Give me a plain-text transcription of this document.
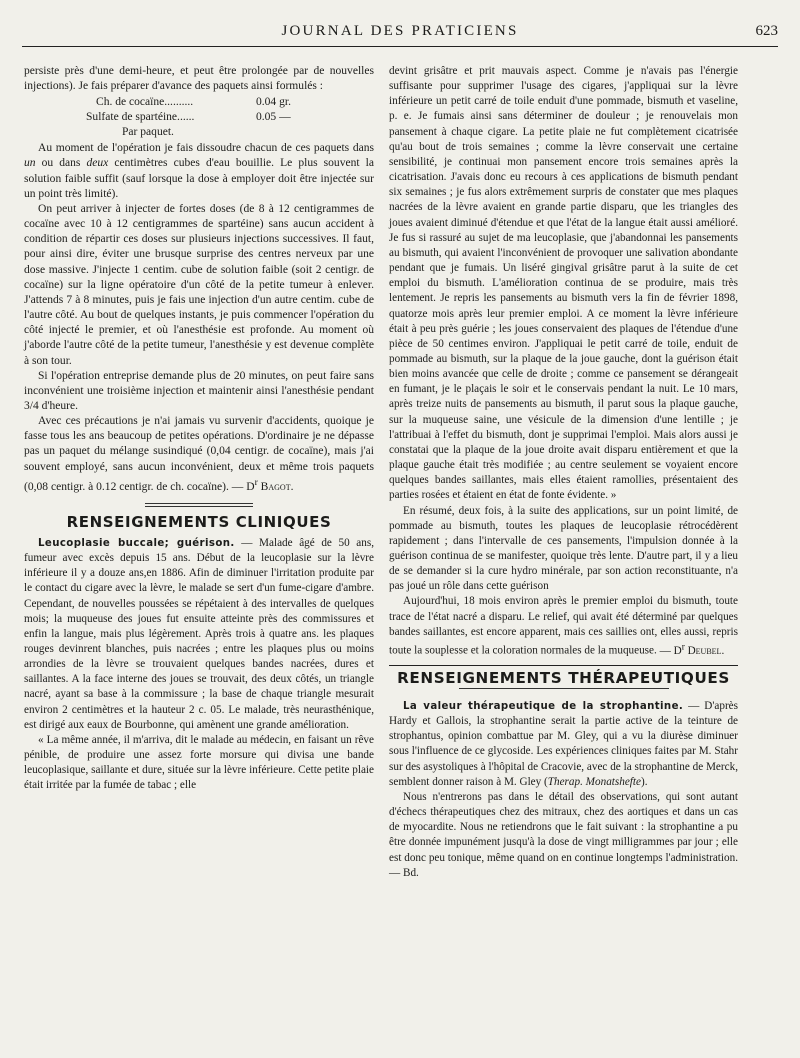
JOURNAL DES PRATICIENS	623

persiste près d'une demi-heure, et peut être prolongée par de nouvelles injections). Je fais préparer d'avance des paquets ainsi formulés :

Ch. de cocaïne..........	0.04 gr.
Sulfate de spartéine......	0.05 —
Par paquet.

Au moment de l'opération je fais dissoudre chacun de ces paquets dans un ou dans deux centimètres cubes d'eau bouillie. Le plus souvent la solution faible suffit (sauf lorsque la dose à employer doit être injectée sur un point très limité).

On peut arriver à injecter de fortes doses (de 8 à 12 centigrammes de cocaïne avec 10 à 12 centigrammes de spartéine) sans aucun accident à condition de répartir ces doses sur plusieurs injections successives. Il faut, pour ainsi dire, éviter une brusque surprise des centres nerveux par une dose massive. J'injecte 1 centim. cube de solution faible (soit 2 centigr. de cocaïne) sur la ligne opératoire d'un côté de la petite tumeur à enlever. J'attends 7 à 8 minutes, puis je fais une injection d'un autre centim. cube de l'autre côté. Au bout de quelques instants, je puis commencer l'opération du côté injecté le premier, et où l'anesthésie est profonde. Au moment où j'aborde l'autre côté de la petite tumeur, l'anesthésie y est devenue complète à son tour.

Si l'opération entreprise demande plus de 20 minutes, on peut faire sans inconvénient une troisième injection et maintenir ainsi l'anesthésie pendant 3/4 d'heure.

Avec ces précautions je n'ai jamais vu survenir d'accidents, quoique je fasse tous les ans beaucoup de petites opérations. D'ordinaire je ne dépasse pas un paquet du mélange susindiqué (0,04 centigr. de cocaïne), mais j'ai souvent employé, sans aucun inconvénient, deux et même trois paquets (0,08 centigr. à 0.12 centigr. de ch. cocaïne). — $D^r$ Bagot.

RENSEIGNEMENTS CLINIQUES

Leucoplasie buccale; guérison. — Malade âgé de 50 ans, fumeur avec excès depuis 15 ans. Début de la leucoplasie sur la lèvre inférieure il y a douze ans,en 1886. Afin de diminuer l'irritation produite par le contact du cigare avec la lèvre, le malade se sert d'un fume-cigare d'ambre. Cependant, de nouvelles poussées se répétaient à des intervalles de quelques mois; la muqueuse des joues fut ensuite atteinte près des commissures et enfin la langue, mais plus légèrement. Après trois à quatre ans. les plaques rouges devinrent blanches, puis nacrées ; entre les plaques plus ou moins arrondies de la lèvre se trouvaient quelques bandes nacrées, dures et saillantes. A la face interne des joues se trouvait, des deux côtés, un triangle nacré, ayant sa base à la commissure ; la base de chaque triangle mesurait environ 2 centimètres et la hauteur 2 c. 05. Le malade, très neurasthénique, est dirigé aux eaux de Bourbonne, qui amènent une grande amélioration.

« La même année, il m'arriva, dit le malade au médecin, en faisant un rêve pénible, de produire une assez forte morsure qui divisa une bande leucoplasique, saillante et dure, située sur la lèvre inférieure. Cette petite plaie était irritée par la fumée de tabac ; elle

devint grisâtre et prit mauvais aspect. Comme je n'avais pas l'énergie suffisante pour supprimer l'usage des cigares, j'appliquai sur la lèvre inférieure un petit carré de toile enduit d'une pommade, bismuth et vaseline, p. e. Je fumais ainsi sans déterminer de douleur ; je renouvelais mon pansement à chaque cigare. La petite plaie ne fut complètement cicatrisée qu'au bout de trois semaines ; comme la lèvre conservait une certaine sensibilité, je continuai mon pansement encore trois semaines après la cicatrisation. J'avais donc eu recours à ces applications de bismuth pendant six semaines ; je fus alors extrêmement surpris de constater que mes plaques nacrées de la lèvre avaient en grande partie disparu, que les triangles des joues avaient diminué d'étendue et que l'état de la langue était aussi amélioré. Je fus si rassuré au sujet de ma leucoplasie, que j'abandonnai les pansements au bismuth, qui avaient l'inconvénient de provoquer une salivation abondante pendant que je fumais. Un liséré gingival grisâtre parut à la suite de cet emploi du bismuth. L'amélioration continua de se produire, mais très lentement. Je repris les pansements au bismuth vers la fin de février 1898, quatorze mois après leur premier emploi. A ce moment la lèvre inférieure était à peu près guérie ; les joues conservaient des plaques de l'étendue d'une pièce de 50 centimes environ. J'appliquai le petit carré de toile, enduit de pommade au bismuth, sur la plaque de la joue gauche, dont la guérison était bien moins avancée que celle de droite ; comme ce pansement se dérangeait en fumant, je le plaçais le soir et le conservais pendant la nuit. Le 10 mars, après treize nuits de pansements au bismuth, il parut sous la plaque gauche, sur la muqueuse saine, une vésicule de la dimension d'une lentille ; je l'attribuai à l'effet du bismuth, dont je supprimai l'emploi. Mais alors aussi je constatai que la plaque de la joue droite avait disparu entièrement et que la plaque gauche était très modifiée ; au centre seulement se voyaient encore quelques bandes saillantes, mais elles étaient ramollies, présentaient des parties rosées et étaient en état de fonte évidente. »

En résumé, deux fois, à la suite des applications, sur un point limité, de pommade au bismuth, toutes les plaques de leucoplasie rétrocédèrent rapidement ; dans l'intervalle de ces pansements, l'impulsion donnée à la guérison continua de se manifester, quoique très lente. D'autre part, il y a lieu de se demander si la cure hydro minérale, par son action reconstituante, n'a pas joué un rôle dans cette guérison

Aujourd'hui, 18 mois environ après le premier emploi du bismuth, toute trace de l'état nacré a disparu. Le relief, qui avait été déterminé par quelques bandes saillantes, est encore apparent, mais ces saillies ont, elles aussi, repris toute la souplesse et la coloration normales de la muqueuse. — $D^r$ Deubel.

RENSEIGNEMENTS THÉRAPEUTIQUES

La valeur thérapeutique de la strophantine. — D'après Hardy et Gallois, la strophantine serait la partie active de la teinture de strophantus, opinion combattue par M. Gley, qui a vu la diurèse diminuer sous l'influence de ce glycoside. Les expériences cliniques faites par M. Stahr sur des asystoliques à l'hôpital de Cracovie, avec de la strophantine de Merck, semblent donner raison à M. Gley (Therap. Monatshefte).

Nous n'entrerons pas dans le détail des observations, qui sont autant d'échecs thérapeutiques chez des mitraux, chez des aortiques et dans un cas de myocardite. Nous ne retiendrons que le fait suivant : la strophantine a pu être donnée impunément jusqu'à la dose de vingt milligrammes par jour ; elle est donc peu tonique, même quand on en continue longtemps l'administration. — Bd.
